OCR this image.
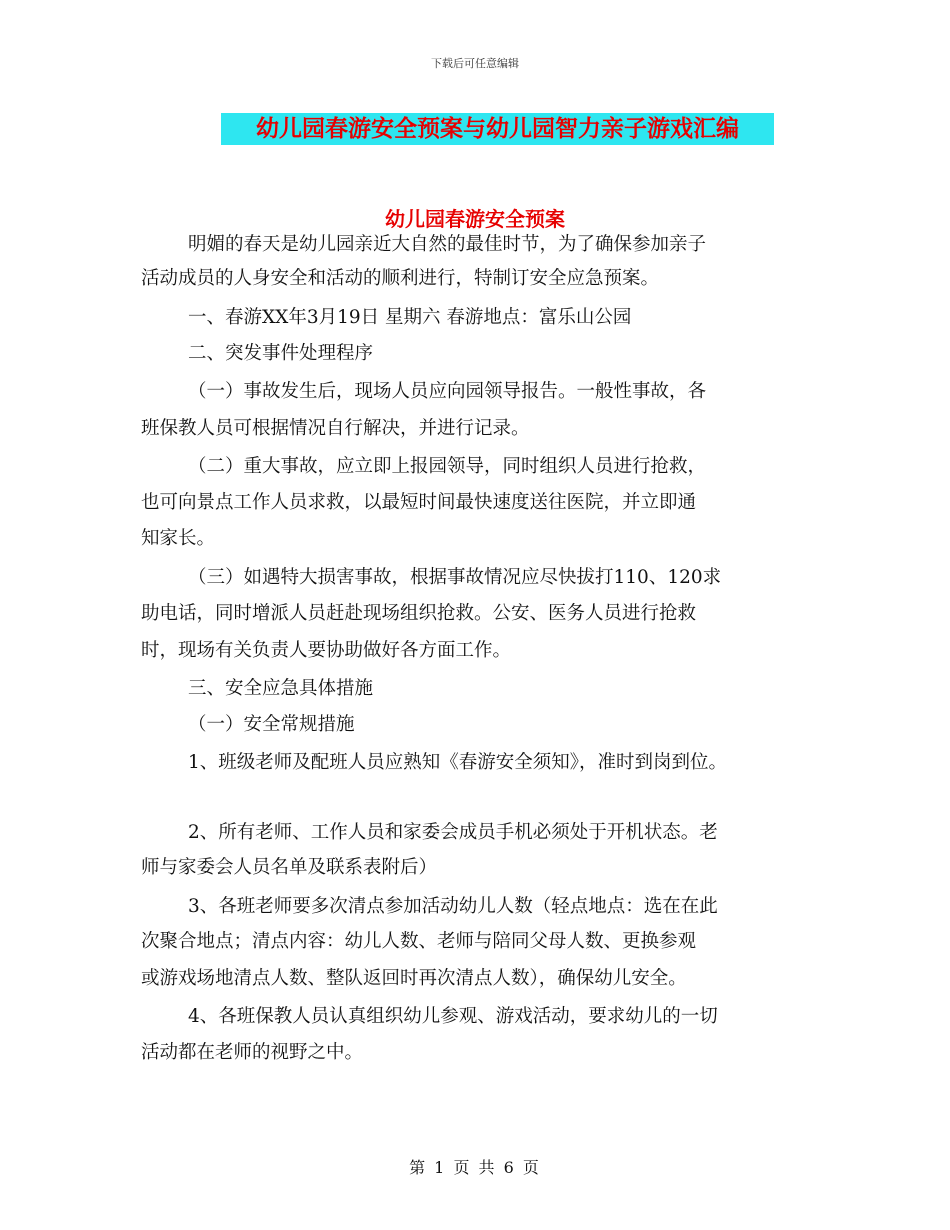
下载后可任意编辑
幼儿园春游安全预案与幼儿园智力亲子游戏汇编
幼儿园春游安全预案
明媚的春天是幼儿园亲近大自然的最佳时节，为了确保参加亲子
活动成员的人身安全和活动的顺利进行，特制订安全应急预案。
一、春游XX年3月19日 星期六 春游地点：富乐山公园
二、突发事件处理程序
（一）事故发生后，现场人员应向园领导报告。一般性事故，各
班保教人员可根据情况自行解决，并进行记录。
（二）重大事故，应立即上报园领导，同时组织人员进行抢救，
也可向景点工作人员求救，以最短时间最快速度送往医院，并立即通
知家长。
（三）如遇特大损害事故，根据事故情况应尽快拔打110、120求
助电话，同时增派人员赶赴现场组织抢救。公安、医务人员进行抢救
时，现场有关负责人要协助做好各方面工作。
三、安全应急具体措施
（一）安全常规措施
1、班级老师及配班人员应熟知《春游安全须知》，准时到岗到位。
2、所有老师、工作人员和家委会成员手机必须处于开机状态。老
师与家委会人员名单及联系表附后）
3、各班老师要多次清点参加活动幼儿人数（轻点地点：选在在此
次聚合地点；清点内容：幼儿人数、老师与陪同父母人数、更换参观
或游戏场地清点人数、整队返回时再次清点人数），确保幼儿安全。
4、各班保教人员认真组织幼儿参观、游戏活动，要求幼儿的一切
活动都在老师的视野之中。
第 1 页 共 6 页
